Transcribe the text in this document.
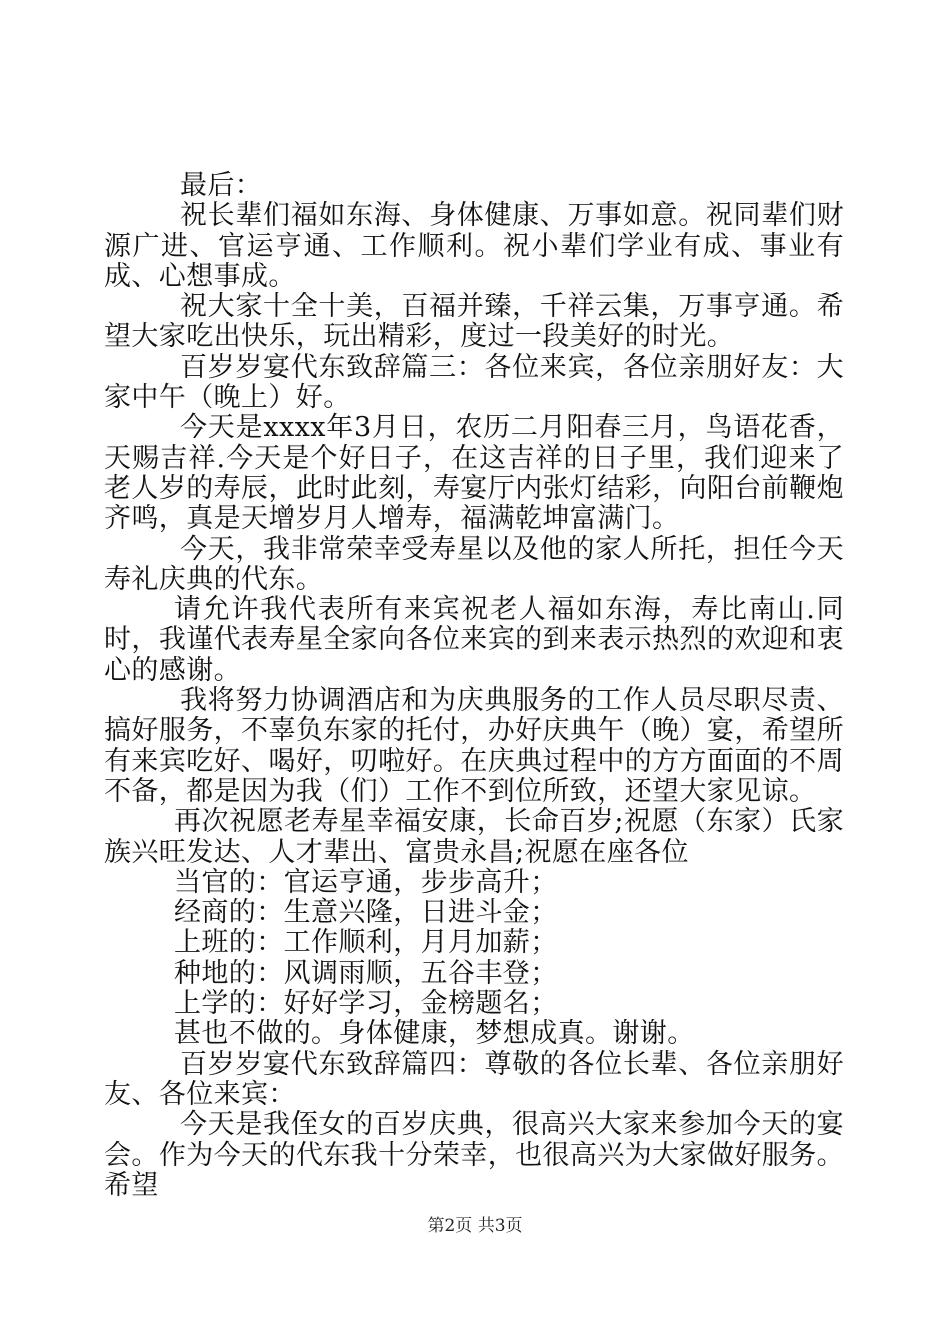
最后：

祝长辈们福如东海、身体健康、万事如意。祝同辈们财源广进、官运亨通、工作顺利。祝小辈们学业有成、事业有成、心想事成。

祝大家十全十美，百福并臻，千祥云集，万事亨通。希望大家吃出快乐，玩出精彩，度过一段美好的时光。

百岁岁宴代东致辞篇三：各位来宾，各位亲朋好友：大家中午（晚上）好。

今天是xxxx年3月日，农历二月阳春三月，鸟语花香，天赐吉祥.今天是个好日子，在这吉祥的日子里，我们迎来了老人岁的寿辰，此时此刻，寿宴厅内张灯结彩，向阳台前鞭炮齐鸣，真是天增岁月人增寿，福满乾坤富满门。

今天，我非常荣幸受寿星以及他的家人所托，担任今天寿礼庆典的代东。

请允许我代表所有来宾祝老人福如东海，寿比南山.同时，我谨代表寿星全家向各位来宾的到来表示热烈的欢迎和衷心的感谢。

我将努力协调酒店和为庆典服务的工作人员尽职尽责、搞好服务，不辜负东家的托付，办好庆典午（晚）宴，希望所有来宾吃好、喝好，叨啦好。在庆典过程中的方方面面的不周不备，都是因为我（们）工作不到位所致，还望大家见谅。

再次祝愿老寿星幸福安康，长命百岁;祝愿（东家）氏家族兴旺发达、人才辈出、富贵永昌;祝愿在座各位

当官的：官运亨通，步步高升；

经商的：生意兴隆，日进斗金；

上班的：工作顺利，月月加薪；

种地的：风调雨顺，五谷丰登；

上学的：好好学习，金榜题名；

甚也不做的。身体健康，梦想成真。谢谢。

百岁岁宴代东致辞篇四：尊敬的各位长辈、各位亲朋好友、各位来宾：

今天是我侄女的百岁庆典，很高兴大家来参加今天的宴会。作为今天的代东我十分荣幸，也很高兴为大家做好服务。希望

第2页 共3页
